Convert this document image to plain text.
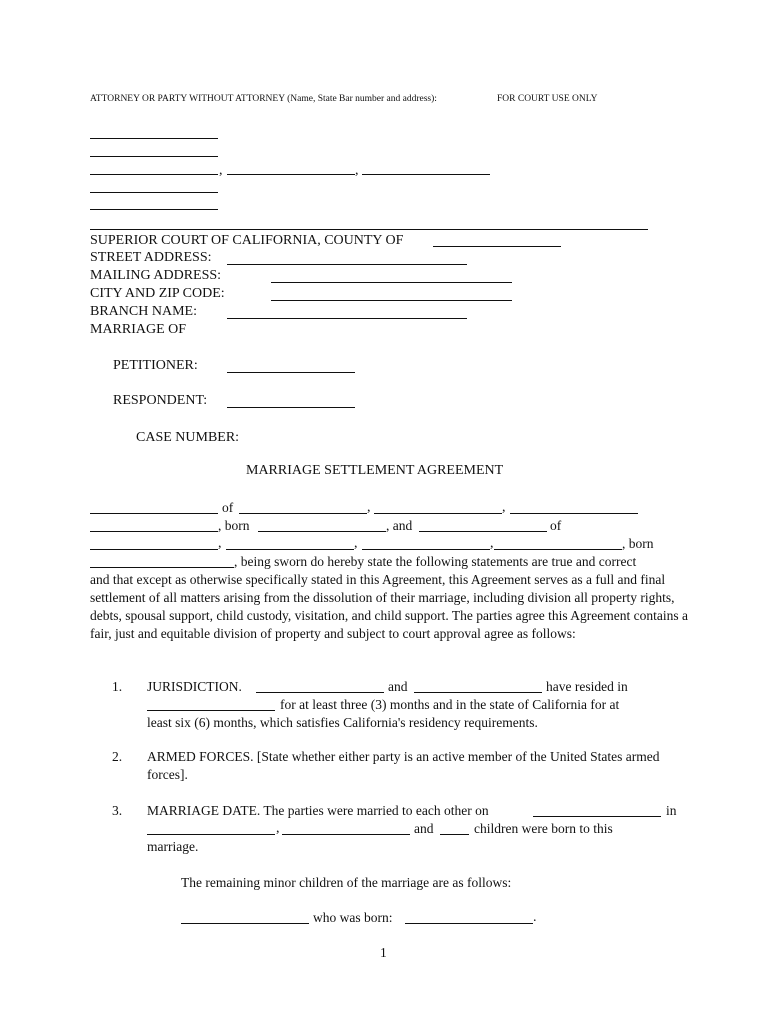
ATTORNEY OR PARTY WITHOUT ATTORNEY (Name, State Bar number and address):	FOR COURT USE ONLY
,	,
SUPERIOR COURT OF CALIFORNIA, COUNTY OF
STREET ADDRESS:
MAILING ADDRESS:
CITY AND ZIP CODE:
BRANCH NAME:
MARRIAGE OF
PETITIONER:
RESPONDENT:
CASE NUMBER:
MARRIAGE SETTLEMENT AGREEMENT
of	,	,
, born	, and	of
,	,	,	, born
, being sworn do hereby state the following statements are true and correct
and that except as otherwise specifically stated in this Agreement, this Agreement serves as a full and final settlement of all matters arising from the dissolution of their marriage, including division all property rights, debts, spousal support, child custody, visitation, and child support. The parties agree this Agreement contains a fair, just and equitable division of property and subject to court approval agree as follows:
1. JURISDICTION.	and	have resided in
for at least three (3) months and in the state of California for at
least six (6) months, which satisfies California's residency requirements.
2. ARMED FORCES. [State whether either party is an active member of the United States armed forces].
3. MARRIAGE DATE. The parties were married to each other on	in
,	and	children were born to this
marriage.
The remaining minor children of the marriage are as follows:
who was born:	.
1
